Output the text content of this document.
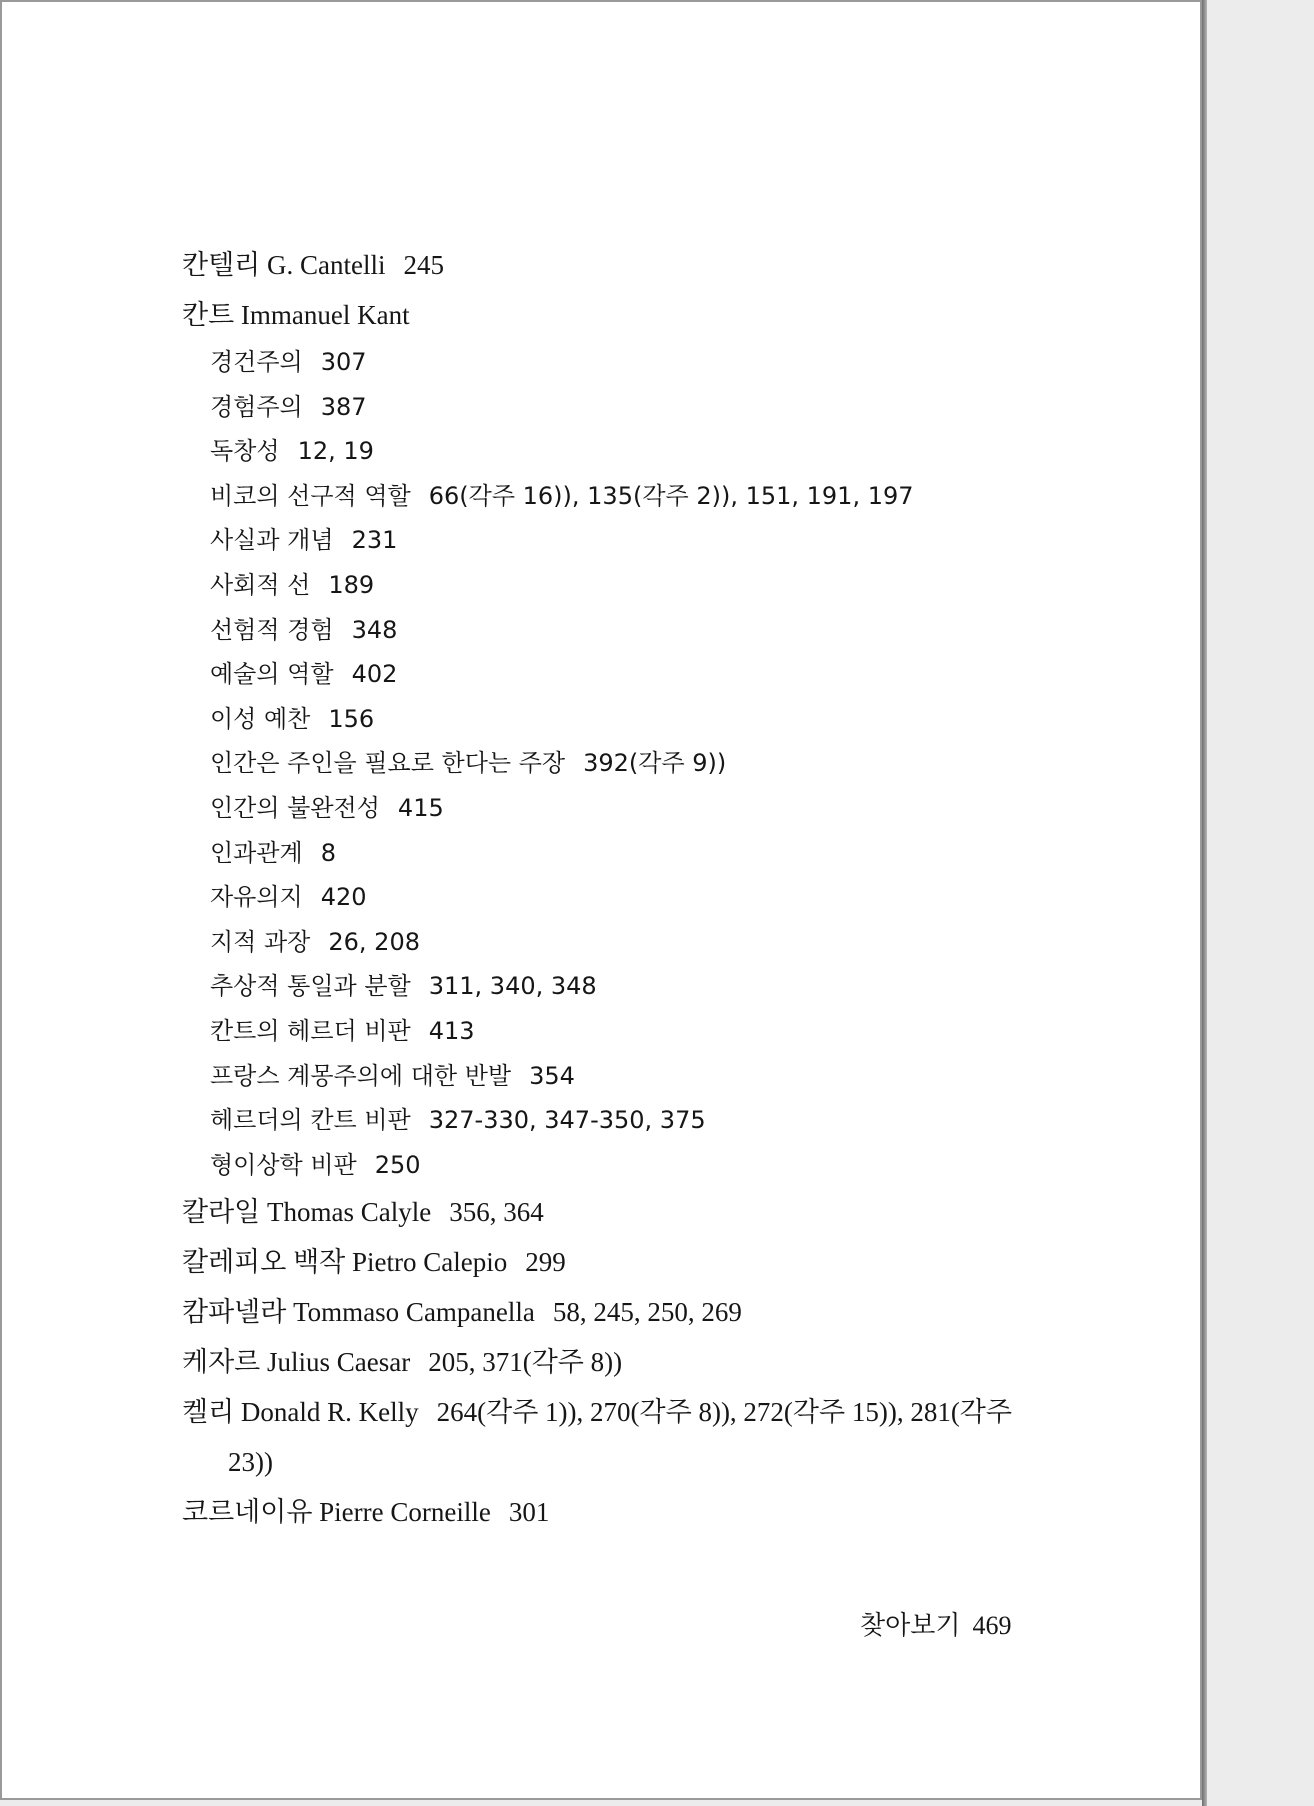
칸텔리 G. Cantelli 245

칸트 Immanuel Kant

경건주의 307

경험주의 387

독창성 12, 19

비코의 선구적 역할 66(각주 16)), 135(각주 2)), 151, 191, 197

사실과 개념 231

사회적 선 189

선험적 경험 348

예술의 역할 402

이성 예찬 156

인간은 주인을 필요로 한다는 주장 392(각주 9))

인간의 불완전성 415

인과관계 8

자유의지 420

지적 과장 26, 208

추상적 통일과 분할 311, 340, 348

칸트의 헤르더 비판 413

프랑스 계몽주의에 대한 반발 354

헤르더의 칸트 비판 327-330, 347-350, 375

형이상학 비판 250

칼라일 Thomas Calyle 356, 364

칼레피오 백작 Pietro Calepio 299

캄파넬라 Tommaso Campanella 58, 245, 250, 269

케자르 Julius Caesar 205, 371(각주 8))

켈리 Donald R. Kelly 264(각주 1)), 270(각주 8)), 272(각주 15)), 281(각주 23))

코르네이유 Pierre Corneille 301

찾아보기 469
